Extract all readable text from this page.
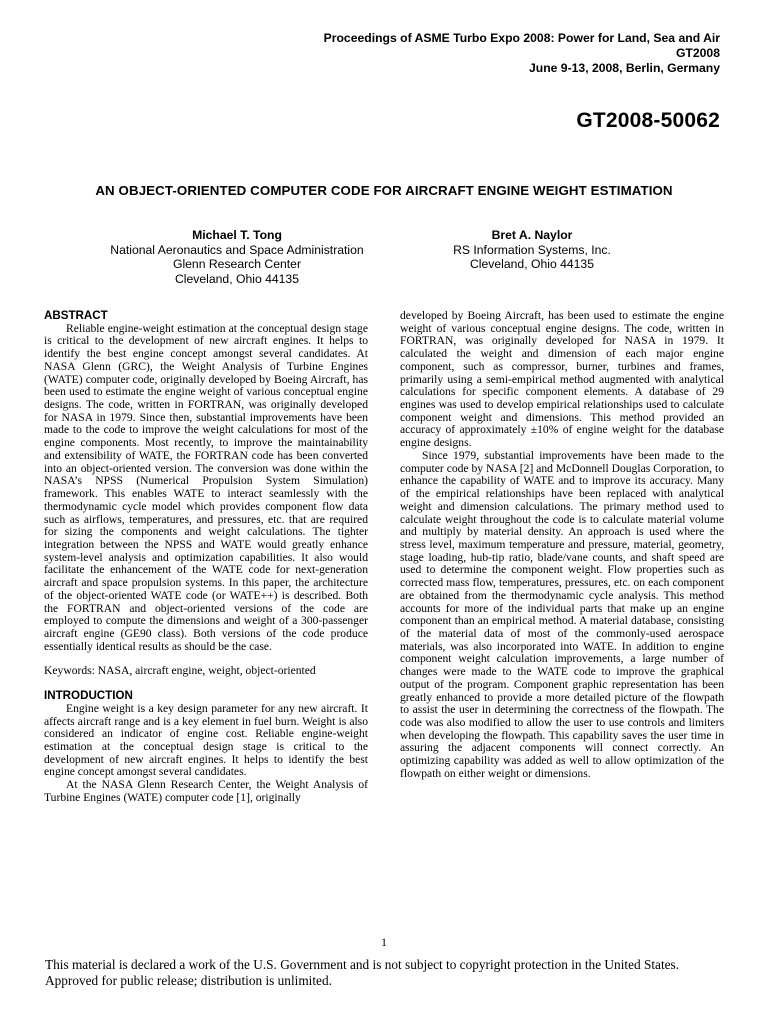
Proceedings of ASME Turbo Expo 2008: Power for Land, Sea and Air
GT2008
June 9-13, 2008, Berlin, Germany
GT2008-50062
AN OBJECT-ORIENTED COMPUTER CODE FOR AIRCRAFT ENGINE WEIGHT ESTIMATION
Michael T. Tong
National Aeronautics and Space Administration
Glenn Research Center
Cleveland, Ohio 44135
Bret A. Naylor
RS Information Systems, Inc.
Cleveland, Ohio 44135
ABSTRACT

Reliable engine-weight estimation at the conceptual design stage is critical to the development of new aircraft engines. It helps to identify the best engine concept amongst several candidates. At NASA Glenn (GRC), the Weight Analysis of Turbine Engines (WATE) computer code, originally developed by Boeing Aircraft, has been used to estimate the engine weight of various conceptual engine designs. The code, written in FORTRAN, was originally developed for NASA in 1979. Since then, substantial improvements have been made to the code to improve the weight calculations for most of the engine components. Most recently, to improve the maintainability and extensibility of WATE, the FORTRAN code has been converted into an object-oriented version. The conversion was done within the NASA’s NPSS (Numerical Propulsion System Simulation) framework. This enables WATE to interact seamlessly with the thermodynamic cycle model which provides component flow data such as airflows, temperatures, and pressures, etc. that are required for sizing the components and weight calculations. The tighter integration between the NPSS and WATE would greatly enhance system-level analysis and optimization capabilities. It also would facilitate the enhancement of the WATE code for next-generation aircraft and space propulsion systems. In this paper, the architecture of the object-oriented WATE code (or WATE++) is described. Both the FORTRAN and object-oriented versions of the code are employed to compute the dimensions and weight of a 300-passenger aircraft engine (GE90 class). Both versions of the code produce essentially identical results as should be the case.

Keywords: NASA, aircraft engine, weight, object-oriented

INTRODUCTION

Engine weight is a key design parameter for any new aircraft. It affects aircraft range and is a key element in fuel burn. Weight is also considered an indicator of engine cost. Reliable engine-weight estimation at the conceptual design stage is critical to the development of new aircraft engines. It helps to identify the best engine concept amongst several candidates.

At the NASA Glenn Research Center, the Weight Analysis of Turbine Engines (WATE) computer code [1], originally

developed by Boeing Aircraft, has been used to estimate the engine weight of various conceptual engine designs. The code, written in FORTRAN, was originally developed for NASA in 1979. It calculated the weight and dimension of each major engine component, such as compressor, burner, turbines and frames, primarily using a semi-empirical method augmented with analytical calculations for specific component elements. A database of 29 engines was used to develop empirical relationships used to calculate component weight and dimensions. This method provided an accuracy of approximately ±10% of engine weight for the database engine designs.

Since 1979, substantial improvements have been made to the computer code by NASA [2] and McDonnell Douglas Corporation, to enhance the capability of WATE and to improve its accuracy. Many of the empirical relationships have been replaced with analytical weight and dimension calculations. The primary method used to calculate weight throughout the code is to calculate material volume and multiply by material density. An approach is used where the stress level, maximum temperature and pressure, material, geometry, stage loading, hub-tip ratio, blade/vane counts, and shaft speed are used to determine the component weight. Flow properties such as corrected mass flow, temperatures, pressures, etc. on each component are obtained from the thermodynamic cycle analysis. This method accounts for more of the individual parts that make up an engine component than an empirical method. A material database, consisting of the material data of most of the commonly-used aerospace materials, was also incorporated into WATE. In addition to engine component weight calculation improvements, a large number of changes were made to the WATE code to improve the graphical output of the program. Component graphic representation has been greatly enhanced to provide a more detailed picture of the flowpath to assist the user in determining the correctness of the flowpath. The code was also modified to allow the user to use controls and limiters when developing the flowpath. This capability saves the user time in assuring the adjacent components will connect correctly. An optimizing capability was added as well to allow optimization of the flowpath on either weight or dimensions.

1
This material is declared a work of the U.S. Government and is not subject to copyright protection in the United States.
Approved for public release; distribution is unlimited.
